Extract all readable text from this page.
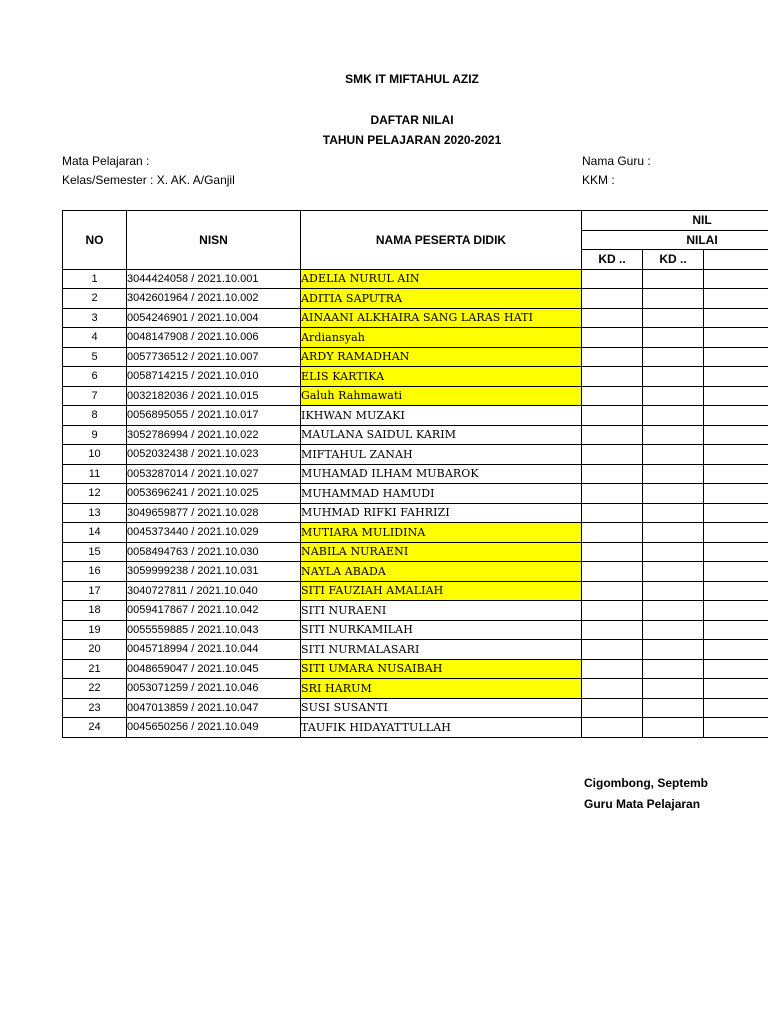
SMK IT MIFTAHUL AZIZ
DAFTAR NILAI
TAHUN PELAJARAN 2020-2021
Mata Pelajaran :
Kelas/Semester : X. AK. A/Ganjil
Nama Guru :
KKM :
NO	NISN	NAMA PESERTA DIDIK	NIL		
			NILAI		
			KD ..	KD ..	
1	3044424058 / 2021.10.001	ADELIA NURUL AIN			
2	3042601964 / 2021.10.002	ADITIA SAPUTRA			
3	0054246901 / 2021.10.004	AINAANI ALKHAIRA SANG LARAS HATI			
4	0048147908 / 2021.10.006	Ardiansyah			
5	0057736512 / 2021.10.007	ARDY RAMADHAN			
6	0058714215 / 2021.10.010	ELIS KARTIKA			
7	0032182036 / 2021.10.015	Galuh Rahmawati			
8	0056895055 / 2021.10.017	IKHWAN MUZAKI			
9	3052786994 / 2021.10.022	MAULANA SAIDUL KARIM			
10	0052032438 / 2021.10.023	MIFTAHUL ZANAH			
11	0053287014 / 2021.10.027	MUHAMAD ILHAM MUBAROK			
12	0053696241 / 2021.10.025	MUHAMMAD HAMUDI			
13	3049659877 / 2021.10.028	MUHMAD RIFKI FAHRIZI			
14	0045373440 / 2021.10.029	MUTIARA MULIDINA			
15	0058494763 / 2021.10.030	NABILA NURAENI			
16	3059999238 / 2021.10.031	NAYLA ABADA			
17	3040727811 / 2021.10.040	SITI FAUZIAH AMALIAH			
18	0059417867 / 2021.10.042	SITI NURAENI			
19	0055559885 / 2021.10.043	SITI NURKAMILAH			
20	0045718994 / 2021.10.044	SITI NURMALASARI			
21	0048659047 / 2021.10.045	SITI UMARA NUSAIBAH			
22	0053071259 / 2021.10.046	SRI HARUM			
23	0047013859 / 2021.10.047	SUSI SUSANTI			
24	0045650256 / 2021.10.049	TAUFIK HIDAYATTULLAH			
Cigombong, Septemb
Guru Mata Pelajaran
